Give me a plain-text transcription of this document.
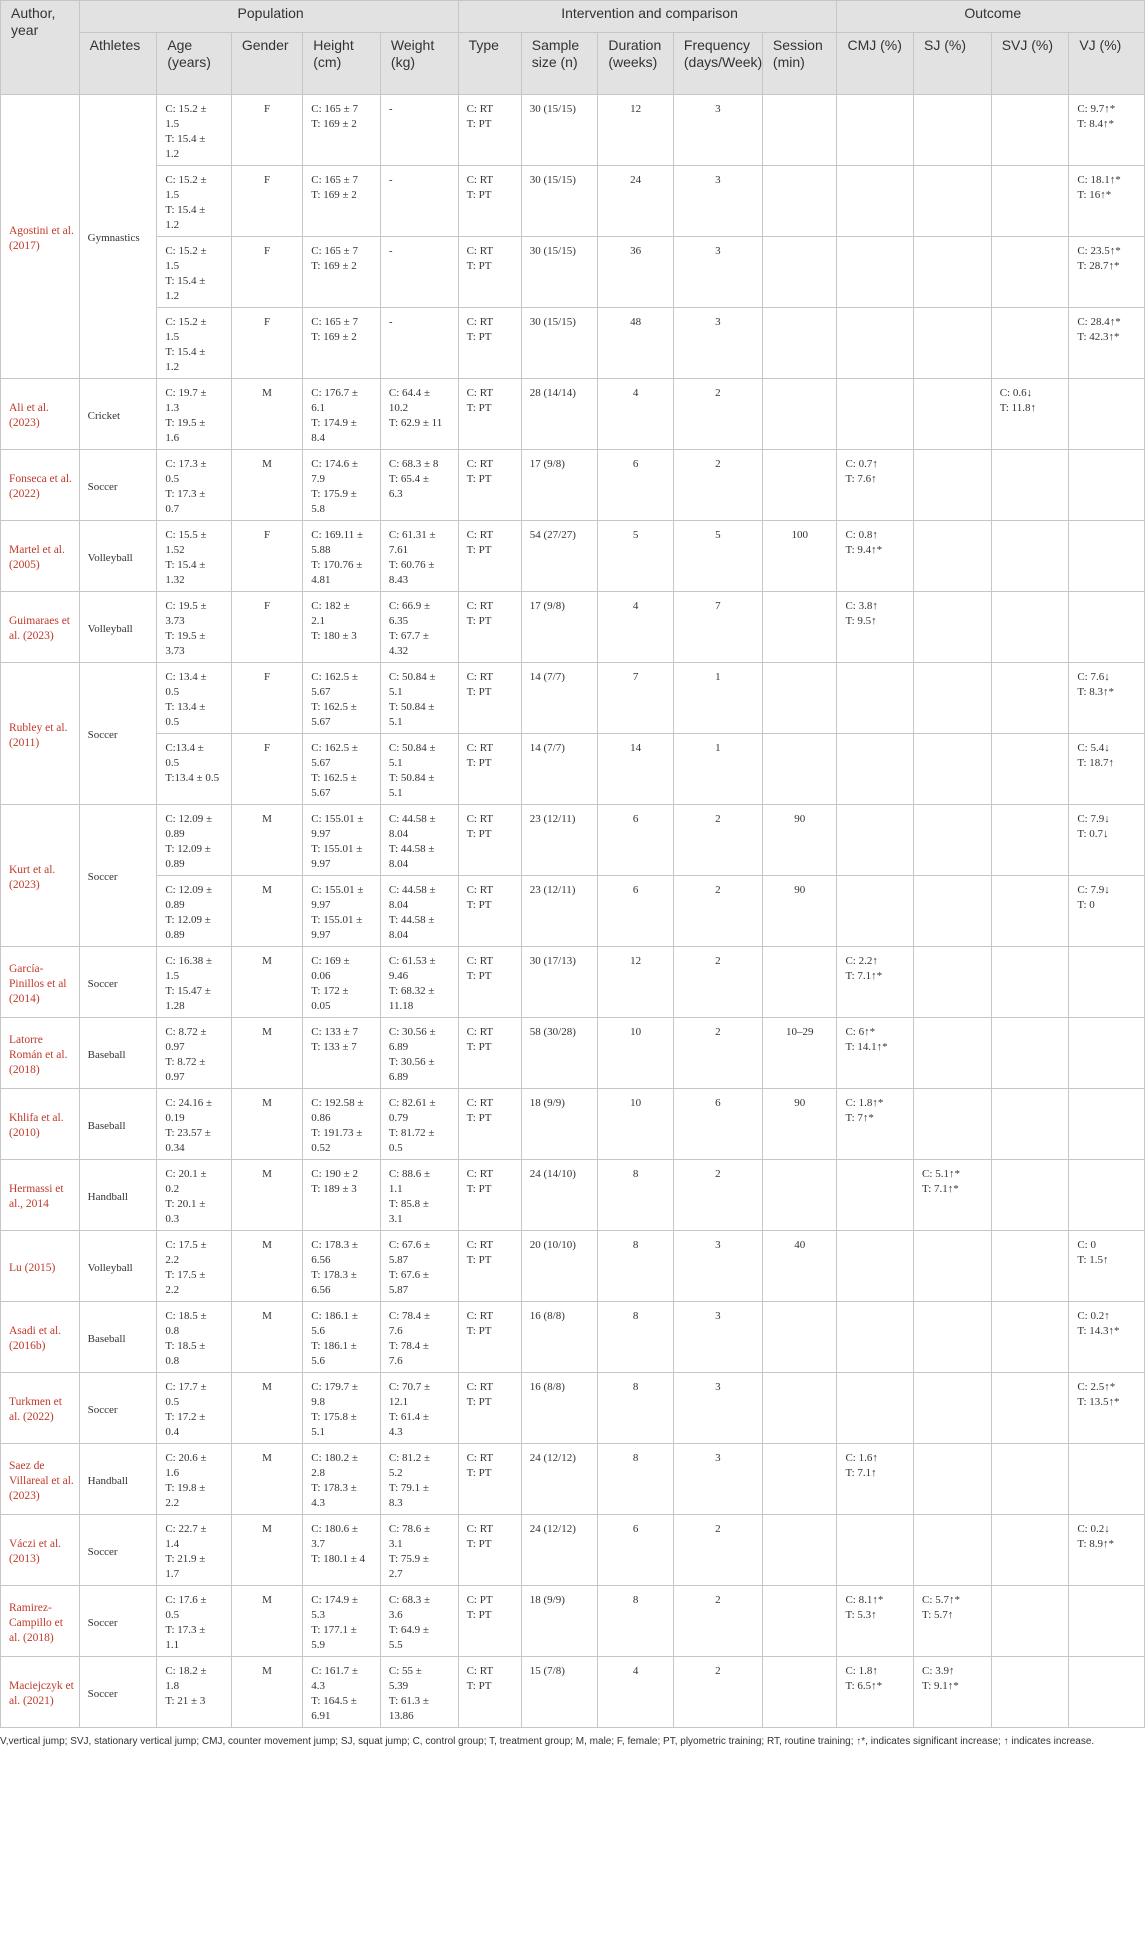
Author, year	Population					Intervention and comparison					Outcome			
	Athletes	Age (years)	Gender	Height (cm)	Weight (kg)	Type	Sample size (n)	Duration (weeks)	Frequency (days/Week)	Session (min)	CMJ (%)	SJ (%)	SVJ (%)	VJ (%)
Agostini et al. (2017)	Gymnastics	C: 15.2 ±
1.5
T: 15.4 ±
1.2	F	C: 165 ± 7
T: 169 ± 2	-	C: RT
T: PT	30 (15/15)	12	3					C: 9.7↑*
T: 8.4↑*

		C: 15.2 ±
1.5
T: 15.4 ±
1.2	F	C: 165 ± 7
T: 169 ± 2	-	C: RT
T: PT	30 (15/15)	24	3					C: 18.1↑*
T: 16↑*

		C: 15.2 ±
1.5
T: 15.4 ±
1.2	F	C: 165 ± 7
T: 169 ± 2	-	C: RT
T: PT	30 (15/15)	36	3					C: 23.5↑*
T: 28.7↑*

		C: 15.2 ±
1.5
T: 15.4 ±
1.2	F	C: 165 ± 7
T: 169 ± 2	-	C: RT
T: PT	30 (15/15)	48	3					C: 28.4↑*
T: 42.3↑*

Ali et al. (2023)	Cricket	C: 19.7 ±
1.3
T: 19.5 ±
1.6	M	C: 176.7 ±
6.1
T: 174.9 ±
8.4	C: 64.4 ±
10.2
T: 62.9 ± 11	C: RT
T: PT	28 (14/14)	4	2				C: 0.6↓
T: 11.8↑	

Fonseca et al. (2022)	Soccer	C: 17.3 ±
0.5
T: 17.3 ±
0.7	M	C: 174.6 ±
7.9
T: 175.9 ±
5.8	C: 68.3 ± 8
T: 65.4 ±
6.3	C: RT
T: PT	17 (9/8)	6	2		C: 0.7↑
T: 7.6↑			

Martel et al. (2005)	Volleyball	C: 15.5 ±
1.52
T: 15.4 ±
1.32	F	C: 169.11 ±
5.88
T: 170.76 ±
4.81	C: 61.31 ±
7.61
T: 60.76 ±
8.43	C: RT
T: PT	54 (27/27)	5	5	100	C: 0.8↑
T: 9.4↑*			

Guimaraes et al. (2023)	Volleyball	C: 19.5 ±
3.73
T: 19.5 ±
3.73	F	C: 182 ±
2.1
T: 180 ± 3	C: 66.9 ±
6.35
T: 67.7 ±
4.32	C: RT
T: PT	17 (9/8)	4	7		C: 3.8↑
T: 9.5↑			

Rubley et al. (2011)	Soccer	C: 13.4 ±
0.5
T: 13.4 ±
0.5	F	C: 162.5 ±
5.67
T: 162.5 ±
5.67	C: 50.84 ±
5.1
T: 50.84 ±
5.1	C: RT
T: PT	14 (7/7)	7	1					C: 7.6↓
T: 8.3↑*

		C:13.4 ±
0.5
T:13.4 ± 0.5	F	C: 162.5 ±
5.67
T: 162.5 ±
5.67	C: 50.84 ±
5.1
T: 50.84 ±
5.1	C: RT
T: PT	14 (7/7)	14	1					C: 5.4↓
T: 18.7↑

Kurt et al. (2023)	Soccer	C: 12.09 ±
0.89
T: 12.09 ±
0.89	M	C: 155.01 ±
9.97
T: 155.01 ±
9.97	C: 44.58 ±
8.04
T: 44.58 ±
8.04	C: RT
T: PT	23 (12/11)	6	2	90				C: 7.9↓
T: 0.7↓

		C: 12.09 ±
0.89
T: 12.09 ±
0.89	M	C: 155.01 ±
9.97
T: 155.01 ±
9.97	C: 44.58 ±
8.04
T: 44.58 ±
8.04	C: RT
T: PT	23 (12/11)	6	2	90				C: 7.9↓
T: 0

García-Pinillos et al (2014)	Soccer	C: 16.38 ±
1.5
T: 15.47 ±
1.28	M	C: 169 ±
0.06
T: 172 ±
0.05	C: 61.53 ±
9.46
T: 68.32 ±
11.18	C: RT
T: PT	30 (17/13)	12	2		C: 2.2↑
T: 7.1↑*			

Latorre Román et al. (2018)	Baseball	C: 8.72 ±
0.97
T: 8.72 ±
0.97	M	C: 133 ± 7
T: 133 ± 7	C: 30.56 ±
6.89
T: 30.56 ±
6.89	C: RT
T: PT	58 (30/28)	10	2	10–29	C: 6↑*
T: 14.1↑*			

Khlifa et al. (2010)	Baseball	C: 24.16 ±
0.19
T: 23.57 ±
0.34	M	C: 192.58 ±
0.86
T: 191.73 ±
0.52	C: 82.61 ±
0.79
T: 81.72 ±
0.5	C: RT
T: PT	18 (9/9)	10	6	90	C: 1.8↑*
T: 7↑*			

Hermassi et al., 2014	Handball	C: 20.1 ±
0.2
T: 20.1 ±
0.3	M	C: 190 ± 2
T: 189 ± 3	C: 88.6 ±
1.1
T: 85.8 ±
3.1	C: RT
T: PT	24 (14/10)	8	2			C: 5.1↑*
T: 7.1↑*		

Lu (2015)	Volleyball	C: 17.5 ±
2.2
T: 17.5 ±
2.2	M	C: 178.3 ±
6.56
T: 178.3 ±
6.56	C: 67.6 ±
5.87
T: 67.6 ±
5.87	C: RT
T: PT	20 (10/10)	8	3	40				C: 0
T: 1.5↑

Asadi et al. (2016b)	Baseball	C: 18.5 ±
0.8
T: 18.5 ±
0.8	M	C: 186.1 ±
5.6
T: 186.1 ±
5.6	C: 78.4 ±
7.6
T: 78.4 ±
7.6	C: RT
T: PT	16 (8/8)	8	3					C: 0.2↑
T: 14.3↑*

Turkmen et al. (2022)	Soccer	C: 17.7 ±
0.5
T: 17.2 ±
0.4	M	C: 179.7 ±
9.8
T: 175.8 ±
5.1	C: 70.7 ±
12.1
T: 61.4 ±
4.3	C: RT
T: PT	16 (8/8)	8	3					C: 2.5↑*
T: 13.5↑*

Saez de Villareal et al. (2023)	Handball	C: 20.6 ±
1.6
T: 19.8 ±
2.2	M	C: 180.2 ±
2.8
T: 178.3 ±
4.3	C: 81.2 ±
5.2
T: 79.1 ±
8.3	C: RT
T: PT	24 (12/12)	8	3		C: 1.6↑
T: 7.1↑			

Váczi et al. (2013)	Soccer	C: 22.7 ±
1.4
T: 21.9 ±
1.7	M	C: 180.6 ±
3.7
T: 180.1 ± 4	C: 78.6 ±
3.1
T: 75.9 ±
2.7	C: RT
T: PT	24 (12/12)	6	2					C: 0.2↓
T: 8.9↑*

Ramirez-Campillo et al. (2018)	Soccer	C: 17.6 ±
0.5
T: 17.3 ±
1.1	M	C: 174.9 ±
5.3
T: 177.1 ±
5.9	C: 68.3 ±
3.6
T: 64.9 ±
5.5	C: PT
T: PT	18 (9/9)	8	2		C: 8.1↑*
T: 5.3↑	C: 5.7↑*
T: 5.7↑		

Maciejczyk et al. (2021)	Soccer	C: 18.2 ±
1.8
T: 21 ± 3	M	C: 161.7 ±
4.3
T: 164.5 ±
6.91	C: 55 ±
5.39
T: 61.3 ±
13.86	C: RT
T: PT	15 (7/8)	4	2		C: 1.8↑
T: 6.5↑*	C: 3.9↑
T: 9.1↑*		

V,vertical jump; SVJ, stationary vertical jump; CMJ, counter movement jump; SJ, squat jump; C, control group; T, treatment group; M, male; F, female; PT, plyometric training; RT, routine training; ↑*, indicates significant increase; ↑ indicates increase.
